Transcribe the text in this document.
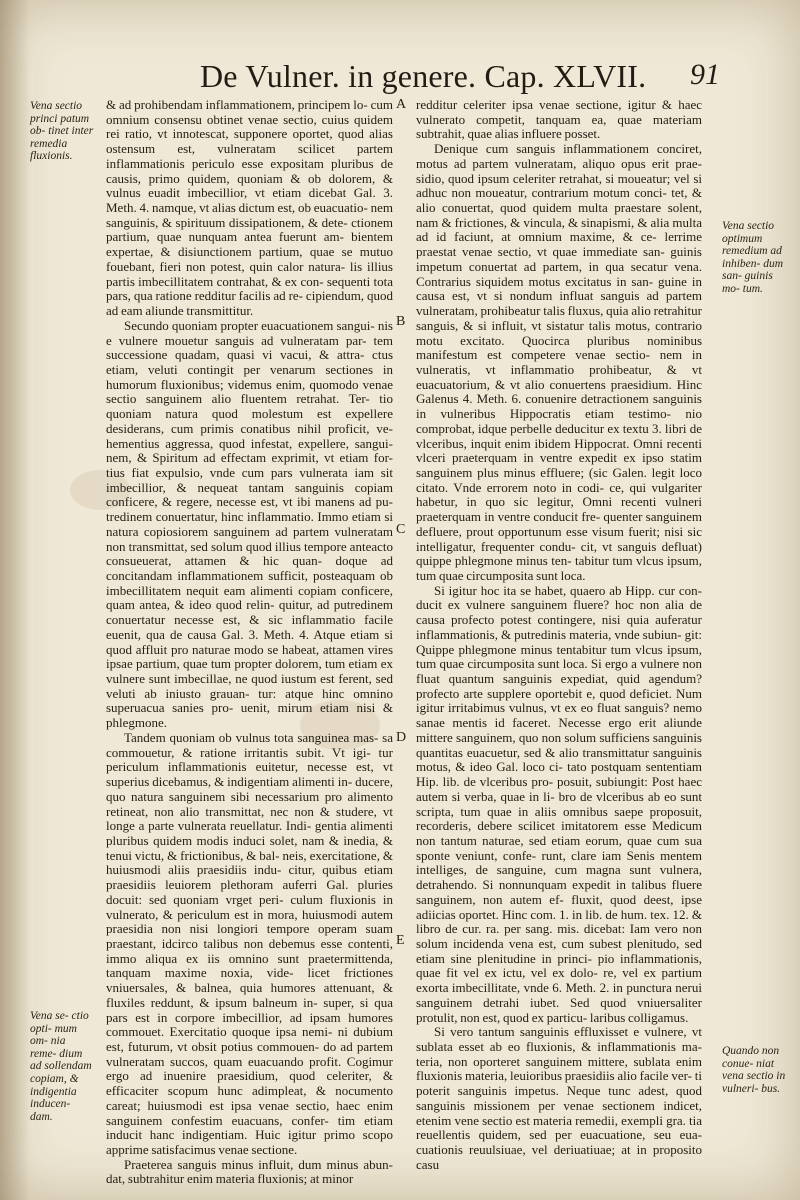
De Vulner. in genere. Cap. XLVII. 91
Vena sectio princi patum ob- tinet inter remedia fluxionis.
Vena sectio optimum remedium ad inhiben- dum san- guinis mo- tum.
Vena se- ctio opti- mum om- nia reme- dium ad sollendam copiam, & indigentia inducen- dam.
Quando non conue- niat vena sectio in vulneri- bus.
A
B
C
D
E

& ad prohibendam inflammationem, principem lo- cum omnium consensu obtinet venae sectio, cuius quidem rei ratio, vt innotescat, supponere oportet, quod alias ostensum est, vulneratam scilicet partem inflammationis periculo esse expositam pluribus de causis, primo quidem, quoniam & ob dolorem, & vulnus euadit imbecillior, vt etiam dicebat Gal. 3. Meth. 4. namque, vt alias dictum est, ob euacuatio- nem sanguinis, & spirituum dissipationem, & dete- ctionem partium, quae nunquam antea fuerunt am- bientem expertae, & disiunctionem partium, quae se mutuo fouebant, fieri non potest, quin calor natura- lis illius partis imbecillitatem contrahat, & ex con- sequenti tota pars, qua ratione redditur facilis ad re- cipiendum, quod ad eam aliunde transmittitur.

Secundo quoniam propter euacuationem sangui- nis e vulnere mouetur sanguis ad vulneratam par- tem successione quadam, quasi vi vacui, & attra- ctus etiam, veluti contingit per venarum sectiones in humorum fluxionibus; videmus enim, quomodo venae sectio sanguinem alio fluentem retrahat. Ter- tio quoniam natura quod molestum est expellere desiderans, cum primis conatibus nihil proficit, ve- hementius aggressa, quod infestat, expellere, sangui- nem, & Spiritum ad effectam exprimit, vt etiam for- tius fiat expulsio, vnde cum pars vulnerata iam sit imbecillior, & nequeat tantam sanguinis copiam conficere, & regere, necesse est, vt ibi manens ad pu- tredinem conuertatur, hinc inflammatio. Immo etiam si natura copiosiorem sanguinem ad partem vulneratam non transmittat, sed solum quod illius tempore anteacto consueuerat, attamen & hic quan- doque ad concitandam inflammationem sufficit, posteaquam ob imbecillitatem nequit eam alimenti copiam conficere, quam antea, & ideo quod relin- quitur, ad putredinem conuertatur necesse est, & sic inflammatio facile euenit, qua de causa Gal. 3. Meth. 4. Atque etiam si quod affluit pro naturae modo se habeat, attamen vires ipsae partium, quae tum propter dolorem, tum etiam ex vulnere sunt imbecillae, ne quod iustum est ferent, sed veluti ab iniusto grauan- tur: atque hinc omnino superuacua sanies pro- uenit, mirum etiam nisi & phlegmone.

Tandem quoniam ob vulnus tota sanguinea mas- sa commouetur, & ratione irritantis subit. Vt igi- tur periculum inflammationis euitetur, necesse est, vt superius dicebamus, & indigentiam alimenti in- ducere, quo natura sanguinem sibi necessarium pro alimento retineat, non alio transmittat, nec non & studere, vt longe a parte vulnerata reuellatur. Indi- gentia alimenti pluribus quidem modis induci solet, nam & inedia, & tenui victu, & frictionibus, & bal- neis, exercitatione, & huiusmodi aliis praesidiis indu- citur, quibus etiam praesidiis leuiorem plethoram auferri Gal. pluries docuit: sed quoniam vrget peri- culum fluxionis in vulnerato, & periculum est in mora, huiusmodi autem praesidia non nisi longiori tempore operam suam praestant, idcirco talibus non debemus esse contenti, immo aliqua ex iis omnino sunt praetermittenda, tanquam maxime noxia, vide- licet frictiones vniuersales, & balnea, quia humores attenuant, & fluxiles reddunt, & ipsum balneum in- super, si qua pars est in corpore imbecillior, ad ipsam humores commouet. Exercitatio quoque ipsa nemi- ni dubium est, futurum, vt obsit potius commouen- do ad partem vulneratam succos, quam euacuando profit. Cogimur ergo ad inuenire praesidium, quod celeriter, & efficaciter scopum hunc adimpleat, & nocumento careat; huiusmodi est ipsa venae sectio, haec enim sanguinem confestim euacuans, confer- tim etiam inducit hanc indigentiam. Huic igitur primo scopo apprime satisfacimus venae sectione.

Praeterea sanguis minus influit, dum minus abun- dat, subtrahitur enim materia fluxionis; at minor

redditur celeriter ipsa venae sectione, igitur & haec vulnerato competit, tanquam ea, quae materiam subtrahit, quae alias influere posset.

Denique cum sanguis inflammationem conciret, motus ad partem vulneratam, aliquo opus erit prae- sidio, quod ipsum celeriter retrahat, si moueatur; vel si adhuc non moueatur, contrarium motum conci- tet, & alio conuertat, quod quidem multa praestare solent, nam & frictiones, & vincula, & sinapismi, & alia multa ad id faciunt, at omnium maxime, & ce- lerrime praestat venae sectio, vt quae immediate san- guinis impetum conuertat ad partem, in qua secatur vena. Contrarius siquidem motus excitatus in san- guine in causa est, vt si nondum influat sanguis ad partem vulneratam, prohibeatur talis fluxus, quia alio retrahitur sanguis, & si influit, vt sistatur talis motus, contrario motu excitato. Quocirca pluribus nominibus manifestum est competere venae sectio- nem in vulneratis, vt inflammatio prohibeatur, & vt euacuatorium, & vt alio conuertens praesidium. Hinc Galenus 4. Meth. 6. conuenire detractionem sanguinis in vulneribus Hippocratis etiam testimo- nio comprobat, idque perbelle deducitur ex textu 3. libri de vlceribus, inquit enim ibidem Hippocrat. Omni recenti vlceri praeterquam in ventre expedit ex ipso statim sanguinem plus minus effluere; (sic Galen. legit loco citato. Vnde errorem noto in codi- ce, qui vulgariter habetur, in quo sic legitur, Omni recenti vulneri praeterquam in ventre conducit fre- quenter sanguinem defluere, prout opportunum esse visum fuerit; nisi sic intelligatur, frequenter condu- cit, vt sanguis defluat) quippe phlegmone minus ten- tabitur tum vlcus ipsum, tum quae circumposita sunt loca.

Si igitur hoc ita se habet, quaero ab Hipp. cur con- ducit ex vulnere sanguinem fluere? hoc non alia de causa profecto potest contingere, nisi quia auferatur inflammationis, & putredinis materia, vnde subiun- git: Quippe phlegmone minus tentabitur tum vlcus ipsum, tum quae circumposita sunt loca. Si ergo a vulnere non fluat quantum sanguinis expediat, quid agendum? profecto arte supplere oportebit e, quod deficiet. Num igitur irritabimus vulnus, vt ex eo fluat sanguis? nemo sanae mentis id faceret. Necesse ergo erit aliunde mittere sanguinem, quo non solum sufficiens sanguinis quantitas euacuetur, sed & alio transmittatur sanguinis motus, & ideo Gal. loco ci- tato postquam sententiam Hip. lib. de vlceribus pro- posuit, subiungit: Post haec autem si verba, quae in li- bro de vlceribus ab eo sunt scripta, tum quae in aliis omnibus saepe proposuit, recorderis, debere scilicet imitatorem esse Medicum non tantum naturae, sed etiam eorum, quae cum sua sponte veniunt, confe- runt, clare iam Senis mentem intelliges, de sanguine, cum magna sunt vulnera, detrahendo. Si nonnunquam expedit in talibus fluere sanguinem, non autem ef- fluxit, quod deest, ipse adiicias oportet. Hinc com. 1. in lib. de hum. tex. 12. & libro de cur. ra. per sang. mis. dicebat: Iam vero non solum incidenda vena est, cum subest plenitudo, sed etiam sine plenitudine in princi- pio inflammationis, quae fit vel ex ictu, vel ex dolo- re, vel ex partium exorta imbecillitate, vnde 6. Meth. 2. in punctura nerui sanguinem detrahi iubet. Sed quod vniuersaliter protulit, non est, quod ex particu- laribus colligamus.

Si vero tantum sanguinis effluxisset e vulnere, vt sublata esset ab eo fluxionis, & inflammationis ma- teria, non oporteret sanguinem mittere, sublata enim fluxionis materia, leuioribus praesidiis alio facile ver- ti poterit sanguinis impetus. Neque tunc adest, quod sanguinis missionem per venae sectionem indicet, etenim vene sectio est materia remedii, exempli gra. tia reuellentis quidem, sed per euacuatione, seu eua- cuationis reuulsiuae, vel deriuatiuae; at in proposito casu
